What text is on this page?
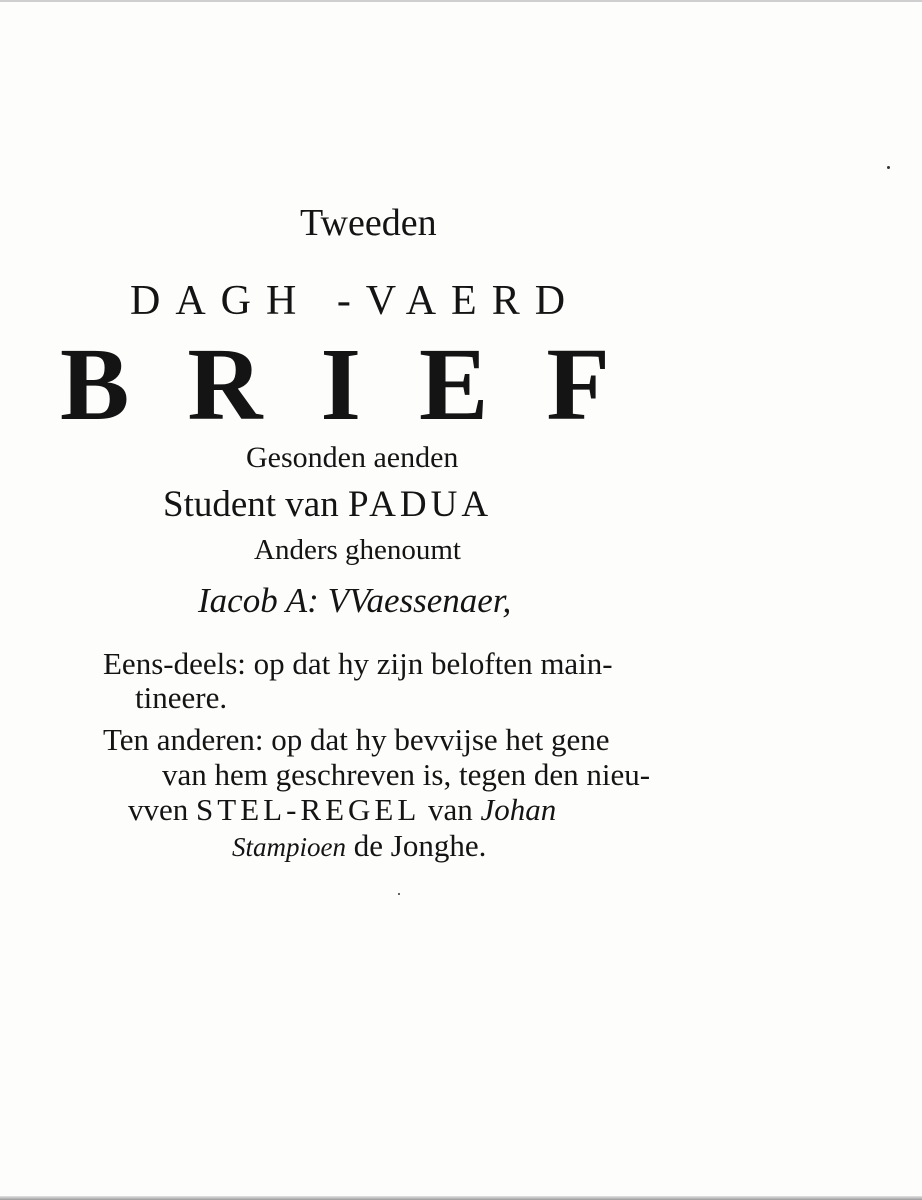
Tweeden
DAGH -VAERD
BRIEF
Gesonden aenden
Student van PADUA
Anders ghenoumt
Iacob A: VVaessenaer,
Eens-deels: op dat hy zijn beloften main-
tineere.
Ten anderen: op dat hy bevvijse het gene
van hem geschreven is, tegen den nieu-
vven STEL-REGEL van Johan
Stampioen de Jonghe.
